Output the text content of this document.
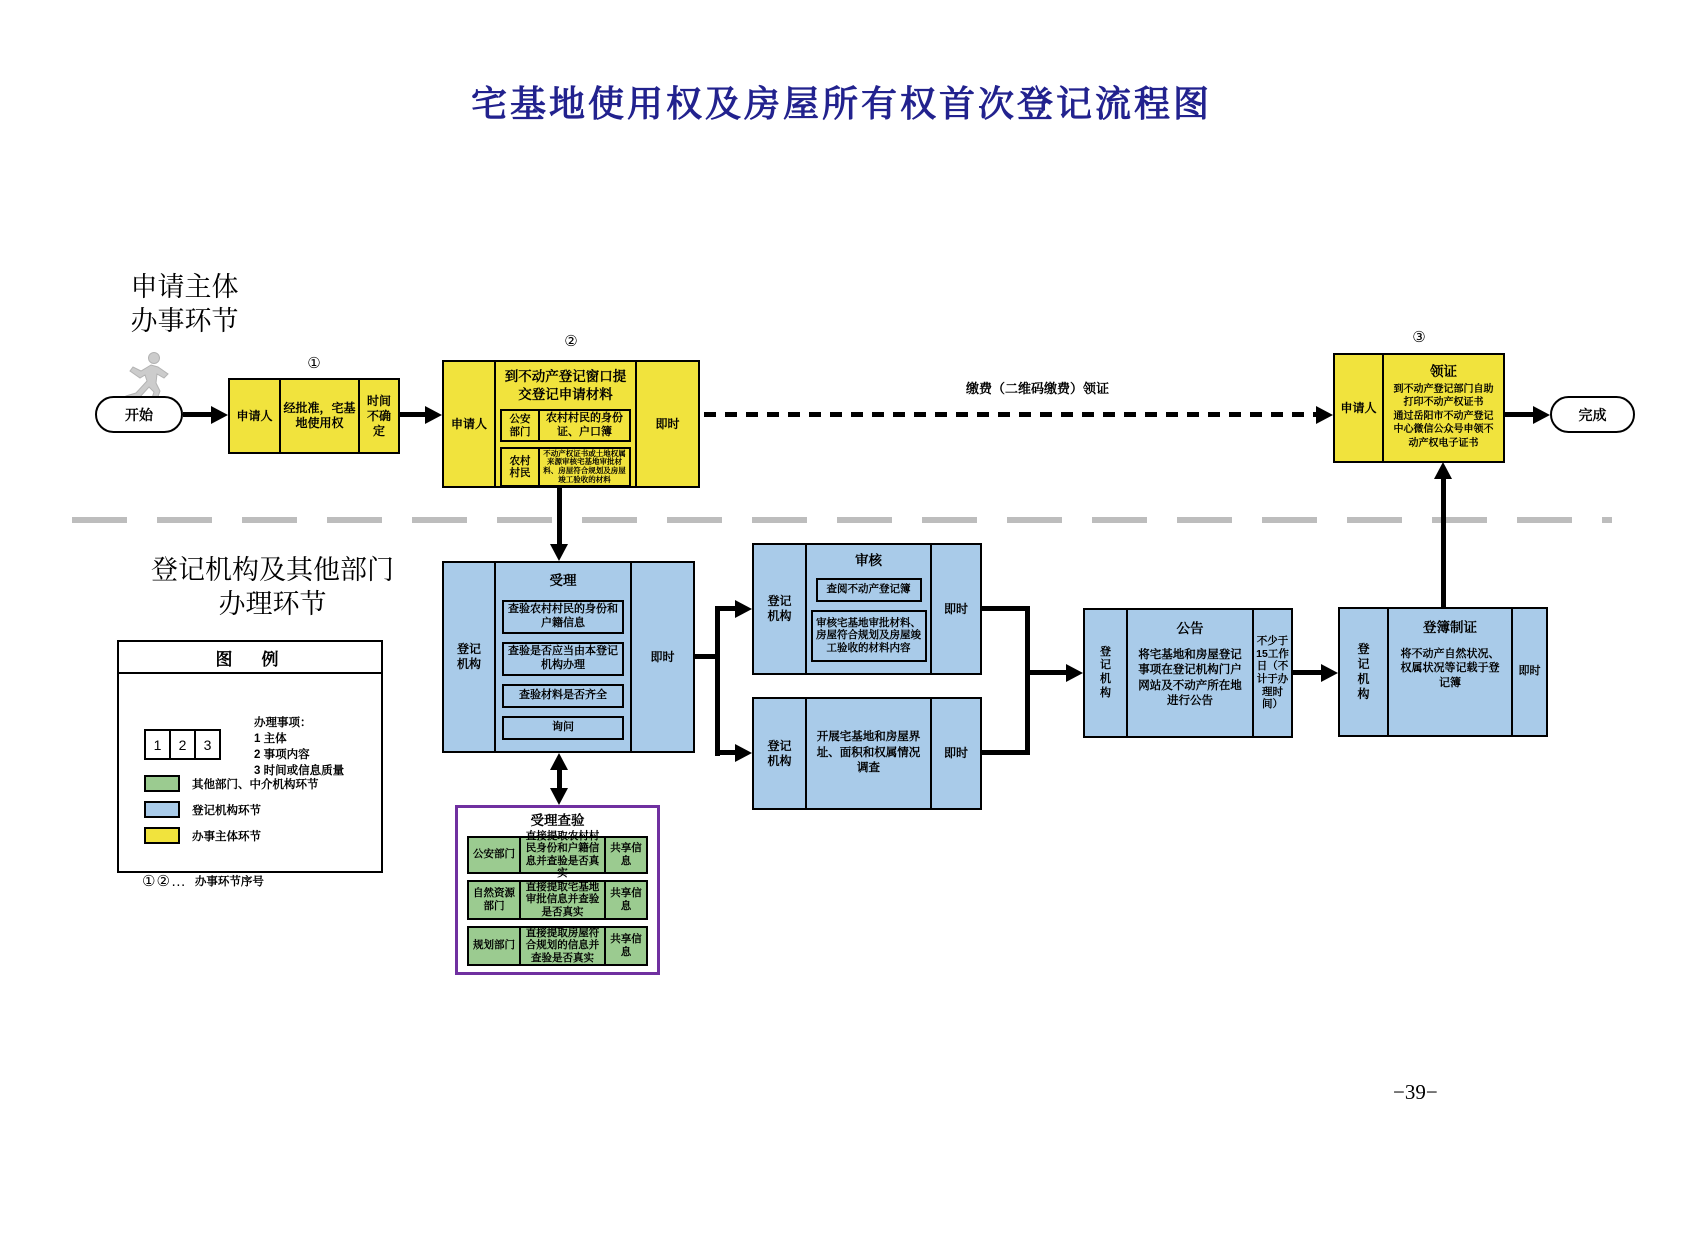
宅基地使用权及房屋所有权首次登记流程图
申请主体
办事环节
登记机构及其他部门
办理环节
开始	完成
①
申请人
经批准，宅基地使用权
时间不确定
②
申请人
到不动产登记窗口提交登记申请材料
公安部门
农村村民的身份证、户口簿
农村村民
不动产权证书或土地权属来源审核宅基地审批材料、房屋符合规划及房屋竣工验收的材料
即时
缴费（二维码缴费）领证
③
申请人
领证
到不动产登记部门自助打印不动产权证书
通过岳阳市不动产登记中心微信公众号申领不动产权电子证书
图　例
1	2	3
办理事项：
1 主体
2 事项内容
3 时间或信息质量
其他部门、中介机构环节
登记机构环节
办事主体环节
①②… 办事环节序号
登记机构
受理
查验农村村民的身份和户籍信息
查验是否应当由本登记机构办理
查验材料是否齐全
询问
即时
受理查验
公安部门
直接提取农村村民身份和户籍信息并查验是否真实
共享信息
自然资源部门
直接提取宅基地审批信息并查验是否真实
共享信息
规划部门
直接提取房屋符合规划的信息并查验是否真实
共享信息
登记机构
审核
查阅不动产登记簿
审核宅基地审批材料、房屋符合规划及房屋竣工验收的材料内容
即时
登记机构
开展宅基地和房屋界址、面积和权属情况调查
即时
登记机构
公告
将宅基地和房屋登记事项在登记机构门户网站及不动产所在地进行公告
不少于15工作日（不计于办理时间）
登记机构
登簿制证
将不动产自然状况、权属状况等记载于登记簿
即时
−39−
